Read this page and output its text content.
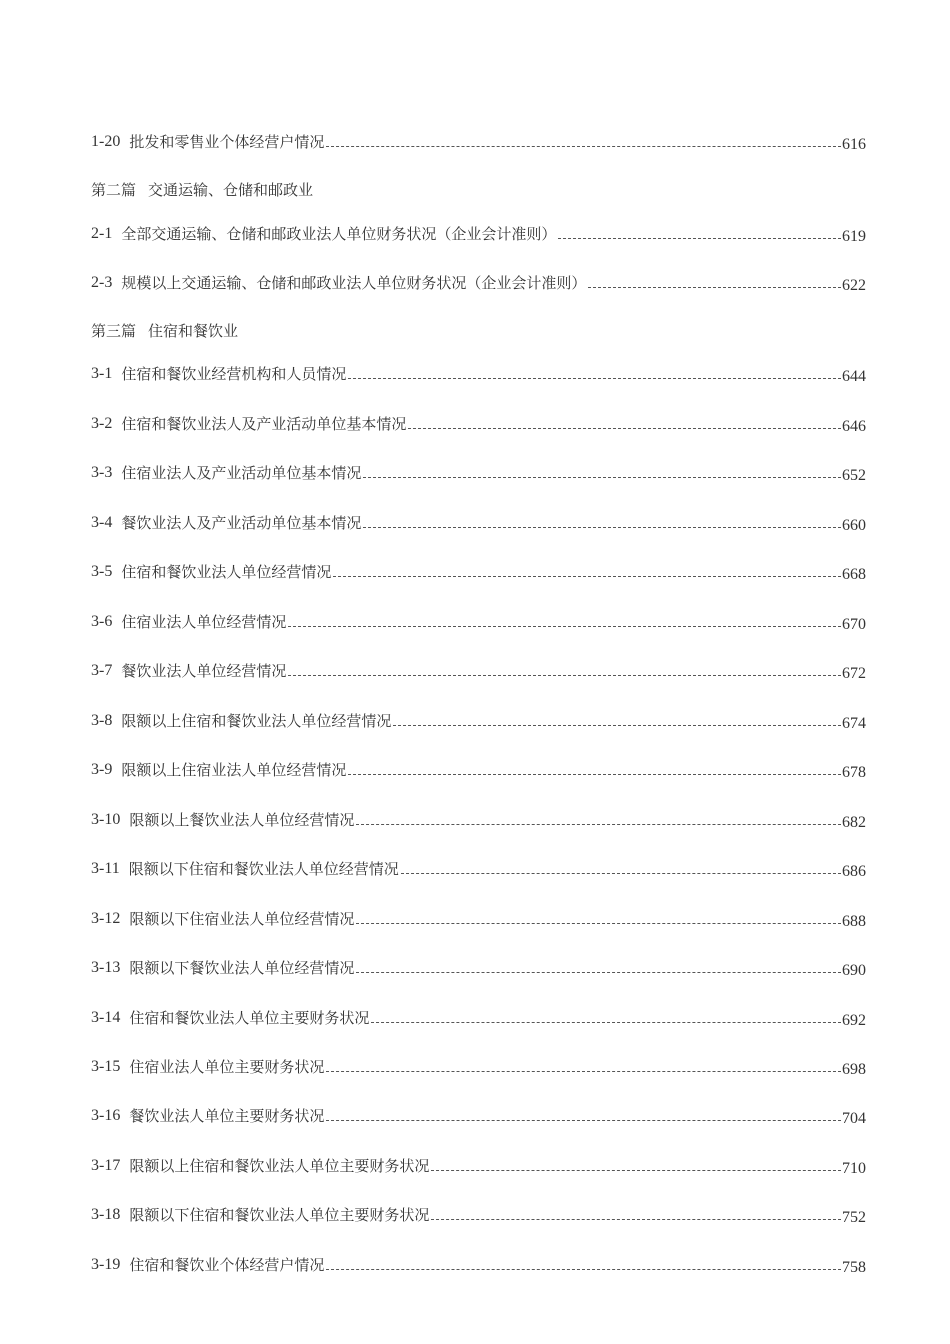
1-20 批发和零售业个体经营户情况	616
第二篇 交通运输、仓储和邮政业
2-1 全部交通运输、仓储和邮政业法人单位财务状况（企业会计准则）	619
2-3 规模以上交通运输、仓储和邮政业法人单位财务状况（企业会计准则）	622
第三篇 住宿和餐饮业
3-1 住宿和餐饮业经营机构和人员情况	644
3-2 住宿和餐饮业法人及产业活动单位基本情况	646
3-3 住宿业法人及产业活动单位基本情况	652
3-4 餐饮业法人及产业活动单位基本情况	660
3-5 住宿和餐饮业法人单位经营情况	668
3-6 住宿业法人单位经营情况	670
3-7 餐饮业法人单位经营情况	672
3-8 限额以上住宿和餐饮业法人单位经营情况	674
3-9 限额以上住宿业法人单位经营情况	678
3-10 限额以上餐饮业法人单位经营情况	682
3-11 限额以下住宿和餐饮业法人单位经营情况	686
3-12 限额以下住宿业法人单位经营情况	688
3-13 限额以下餐饮业法人单位经营情况	690
3-14 住宿和餐饮业法人单位主要财务状况	692
3-15 住宿业法人单位主要财务状况	698
3-16 餐饮业法人单位主要财务状况	704
3-17 限额以上住宿和餐饮业法人单位主要财务状况	710
3-18 限额以下住宿和餐饮业法人单位主要财务状况	752
3-19 住宿和餐饮业个体经营户情况	758
